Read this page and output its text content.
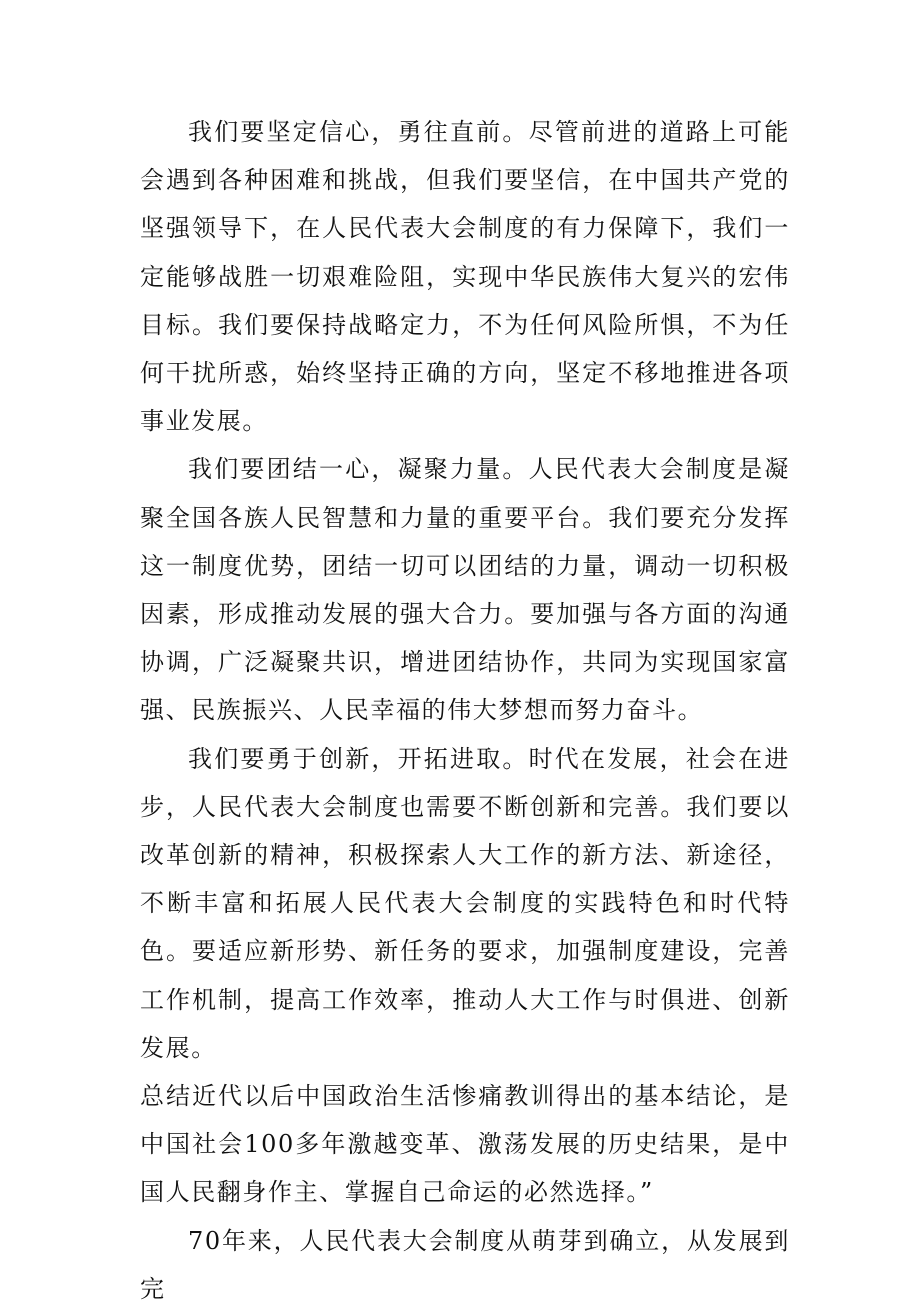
我们要坚定信心，勇往直前。尽管前进的道路上可能会遇到各种困难和挑战，但我们要坚信，在中国共产党的坚强领导下，在人民代表大会制度的有力保障下，我们一定能够战胜一切艰难险阻，实现中华民族伟大复兴的宏伟目标。我们要保持战略定力，不为任何风险所惧，不为任何干扰所惑，始终坚持正确的方向，坚定不移地推进各项事业发展。

我们要团结一心，凝聚力量。人民代表大会制度是凝聚全国各族人民智慧和力量的重要平台。我们要充分发挥这一制度优势，团结一切可以团结的力量，调动一切积极因素，形成推动发展的强大合力。要加强与各方面的沟通协调，广泛凝聚共识，增进团结协作，共同为实现国家富强、民族振兴、人民幸福的伟大梦想而努力奋斗。

我们要勇于创新，开拓进取。时代在发展，社会在进步，人民代表大会制度也需要不断创新和完善。我们要以改革创新的精神，积极探索人大工作的新方法、新途径，不断丰富和拓展人民代表大会制度的实践特色和时代特色。要适应新形势、新任务的要求，加强制度建设，完善工作机制，提高工作效率，推动人大工作与时俱进、创新发展。

总结近代以后中国政治生活惨痛教训得出的基本结论，是中国社会100多年激越变革、激荡发展的历史结果，是中国人民翻身作主、掌握自己命运的必然选择。”

70年来，人民代表大会制度从萌芽到确立，从发展到完
